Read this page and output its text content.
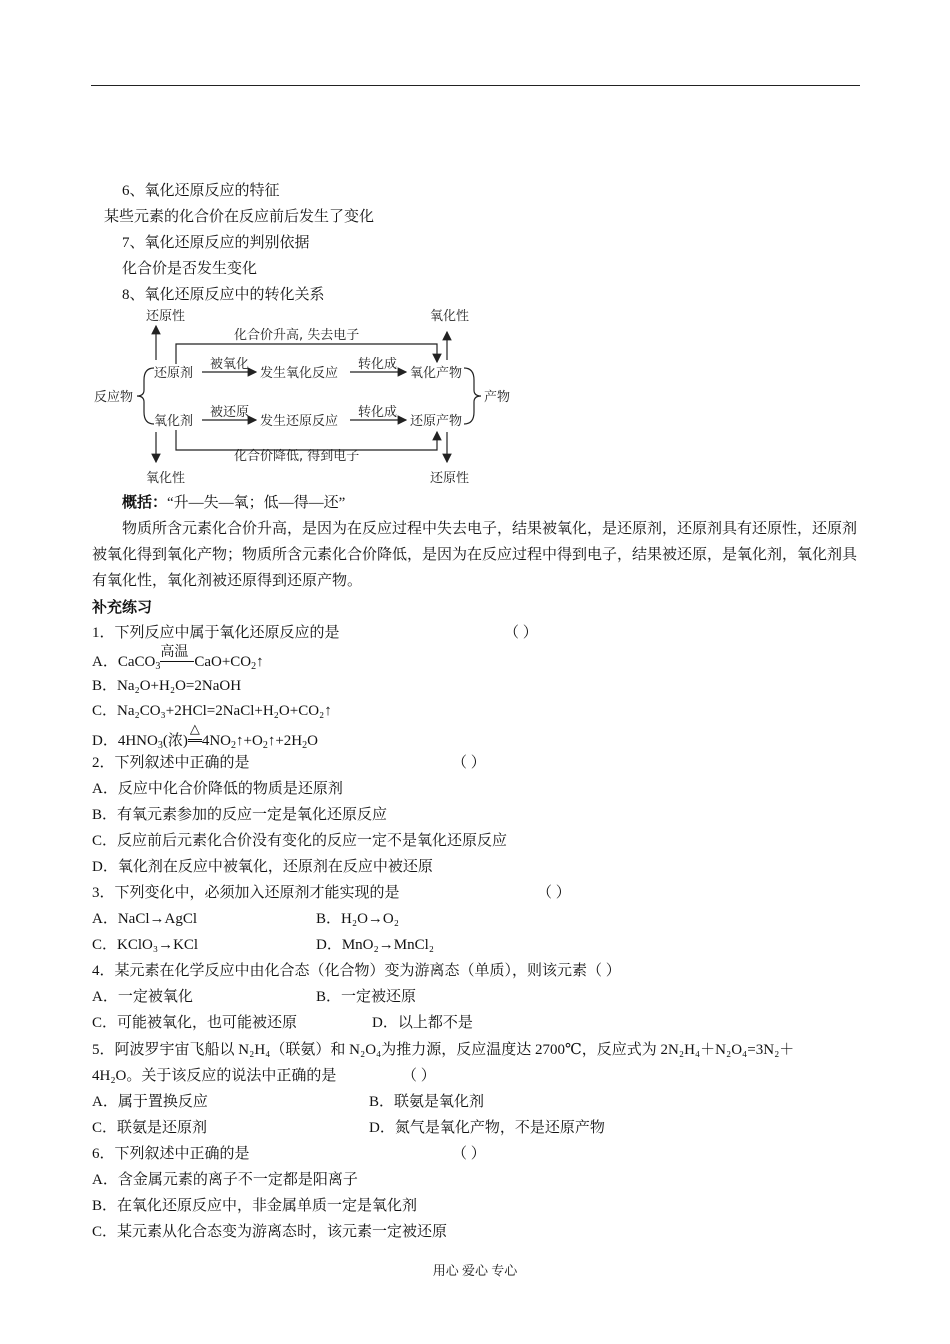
6、氧化还原反应的特征
某些元素的化合价在反应前后发生了变化
7、氧化还原反应的判别依据
化合价是否发生变化
8、氧化还原反应中的转化关系
还原性	氧化性
化合价升高, 失去电子
反应物
还原剂
被氧化
发生氧化反应
转化成
氧化产物
产物
氧化剂
被还原
发生还原反应
转化成
还原产物
化合价降低, 得到电子
氧化性	还原性
概括：“升—失—氧；低—得—还”
物质所含元素化合价升高，是因为在反应过程中失去电子，结果被氧化，是还原剂，还原剂具有还原性，还原剂被氧化得到氧化产物；物质所含元素化合价降低，是因为在反应过程中得到电子，结果被还原，是氧化剂，氧化剂具有氧化性，氧化剂被还原得到还原产物。
补充练习
1．下列反应中属于氧化还原反应的是	（ ）
A．CaCO$_3$
高温
$CaO+CO_2↑$
B．Na₂O+H₂O=2NaOH
C．Na₂CO₃+2HCl=2NaCl+H₂O+CO₂↑
D．$4HNO_3$(浓)
△
$4NO_2↑+O_2↑+2H_2O$
2．下列叙述中正确的是	（ ）
A．反应中化合价降低的物质是还原剂
B．有氧元素参加的反应一定是氧化还原反应
C．反应前后元素化合价没有变化的反应一定不是氧化还原反应
D．氧化剂在反应中被氧化，还原剂在反应中被还原
3．下列变化中，必须加入还原剂才能实现的是	（ ）
A．NaCl→AgCl	B．H₂O→O₂
C．KClO₃→KCl	D．MnO₂→MnCl₂
4．某元素在化学反应中由化合态（化合物）变为游离态（单质），则该元素（ ）
A．一定被氧化	B．一定被还原
C．可能被氧化，也可能被还原	D．以上都不是
5．阿波罗宇宙飞船以 N₂H₄（联氨）和 N₂O₄为推力源，反应温度达 2700℃，反应式为 2N₂H₄＋N₂O₄=3N₂＋
4H₂O。关于该反应的说法中正确的是	（ ）
A．属于置换反应	B．联氨是氧化剂
C．联氨是还原剂	D．氮气是氧化产物，不是还原产物
6．下列叙述中正确的是	（ ）
A．含金属元素的离子不一定都是阳离子
B．在氧化还原反应中，非金属单质一定是氧化剂
C．某元素从化合态变为游离态时，该元素一定被还原
用心 爱心 专心
